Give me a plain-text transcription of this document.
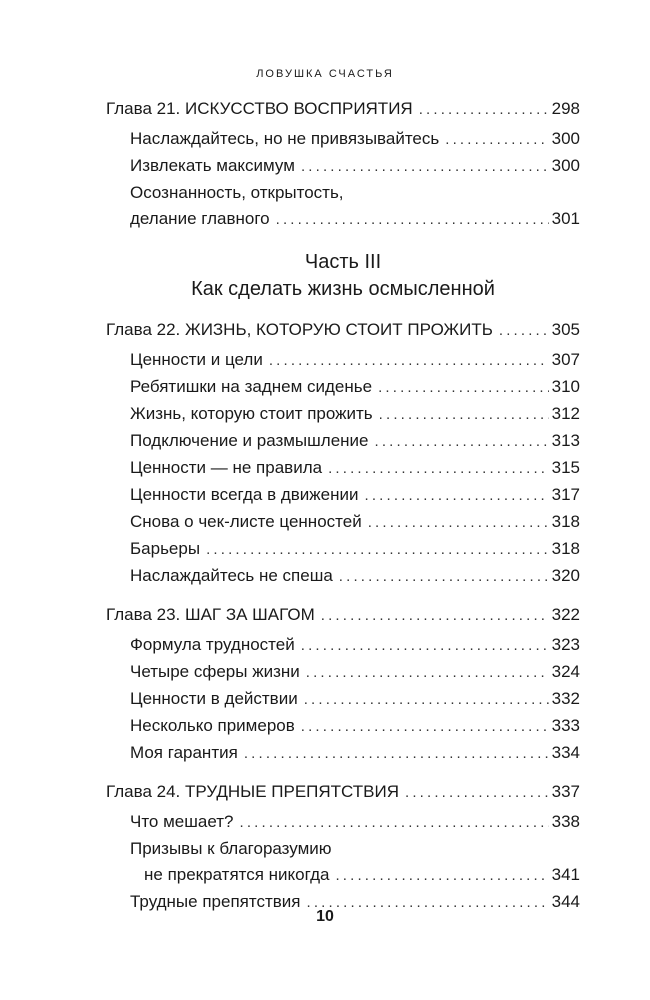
ЛОВУШКА СЧАСТЬЯ
Глава 21. ИСКУССТВО ВОСПРИЯТИЯ . . .	298
Наслаждайтесь, но не привязывайтесь . . .	300
Извлекать максимум . . .	300
Осознанность, открытость,
делание главного . . .	301
Часть III
Как сделать жизнь осмысленной
Глава 22. ЖИЗНЬ, КОТОРУЮ СТОИТ ПРОЖИТЬ . . .	305
Ценности и цели . . .	307
Ребятишки на заднем сиденье . . .	310
Жизнь, которую стоит прожить . . .	312
Подключение и размышление . . .	313
Ценности — не правила . . .	315
Ценности всегда в движении . . .	317
Снова о чек-листе ценностей . . .	318
Барьеры . . .	318
Наслаждайтесь не спеша . . .	320
Глава 23. ШАГ ЗА ШАГОМ . . .	322
Формула трудностей . . .	323
Четыре сферы жизни . . .	324
Ценности в действии . . .	332
Несколько примеров . . .	333
Моя гарантия . . .	334
Глава 24. ТРУДНЫЕ ПРЕПЯТСТВИЯ . . .	337
Что мешает? . . .	338
Призывы к благоразумию
не прекратятся никогда . . .	341
Трудные препятствия . . .	344
10
